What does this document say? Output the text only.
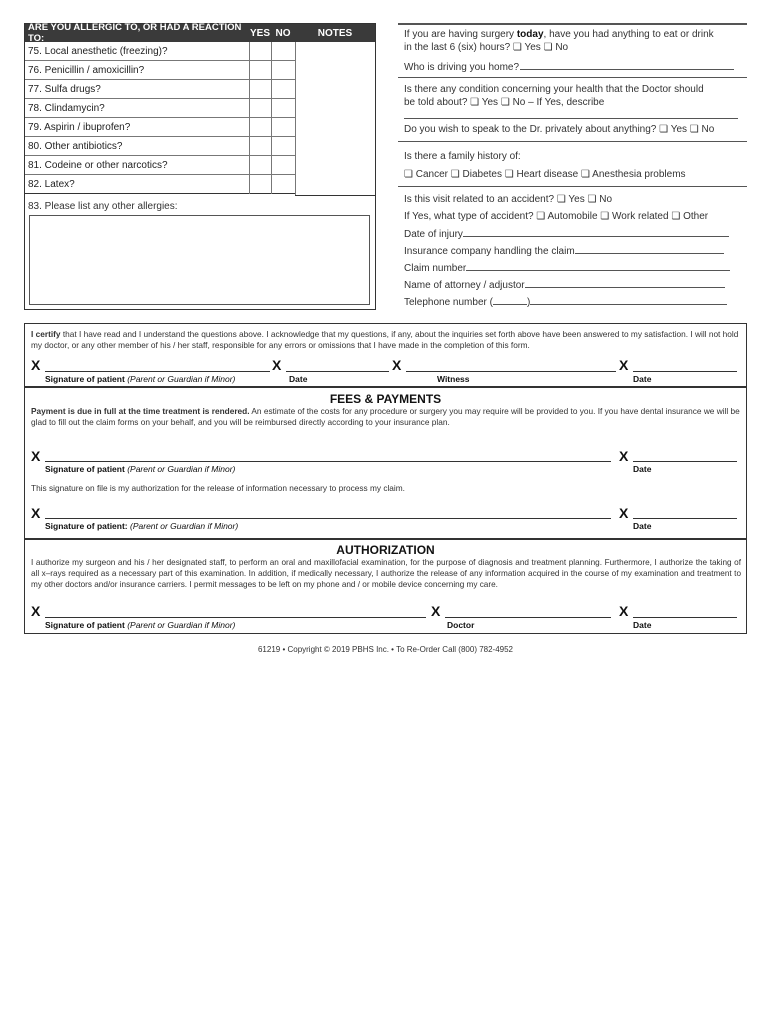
ARE YOU ALLERGIC TO, OR HAD A REACTION TO:	YES NO	NOTES
75. Local anesthetic (freezing)?
76. Penicillin / amoxicillin?
77. Sulfa drugs?
78. Clindamycin?
79. Aspirin / ibuprofen?
80. Other antibiotics?
81. Codeine or other narcotics?
82. Latex?
83. Please list any other allergies:
If you are having surgery today, have you had anything to eat or drink
in the last 6 (six) hours? ❏ Yes ❏ No
Who is driving you home?
Is there any condition concerning your health that the Doctor should
be told about? ❏ Yes ❏ No – If Yes, describe
Do you wish to speak to the Dr. privately about anything? ❏ Yes ❏ No
Is there a family history of:
❏ Cancer ❏ Diabetes ❏ Heart disease ❏ Anesthesia problems
Is this visit related to an accident? ❏ Yes ❏ No
If Yes, what type of accident? ❏ Automobile ❏ Work related ❏ Other
Date of injury
Insurance company handling the claim
Claim number
Name of attorney / adjustor
Telephone number (	)
I certify that I have read and I understand the questions above. I acknowledge that my questions, if any, about the inquiries set forth above have been answered to my satisfaction. I will not hold my doctor, or any other member of his / her staff, responsible for any errors or omissions that I have made in the completion of this form.
X	X	X	X
Signature of patient (Parent or Guardian if Minor)	Date	Witness	Date
FEES & PAYMENTS
Payment is due in full at the time treatment is rendered. An estimate of the costs for any procedure or surgery you may require will be provided to you. If you have dental insurance we will be glad to fill out the claim forms on your behalf, and you will be reimbursed directly according to your insurance plan.
X	X
Signature of patient (Parent or Guardian if Minor)	Date
This signature on file is my authorization for the release of information necessary to process my claim.
X	X
Signature of patient: (Parent or Guardian if Minor)	Date
AUTHORIZATION
I authorize my surgeon and his / her designated staff, to perform an oral and maxillofacial examination, for the purpose of diagnosis and treatment planning. Furthermore, I authorize the taking of all x–rays required as a necessary part of this examination. In addition, if medically necessary, I authorize the release of any information acquired in the course of my examination and treatment to my other doctors and/or insurance carriers. I permit messages to be left on my phone and / or mobile device concerning my care.
X	X	X
Signature of patient (Parent or Guardian if Minor)	Doctor	Date
61219 • Copyright © 2019 PBHS Inc. • To Re-Order Call (800) 782-4952
